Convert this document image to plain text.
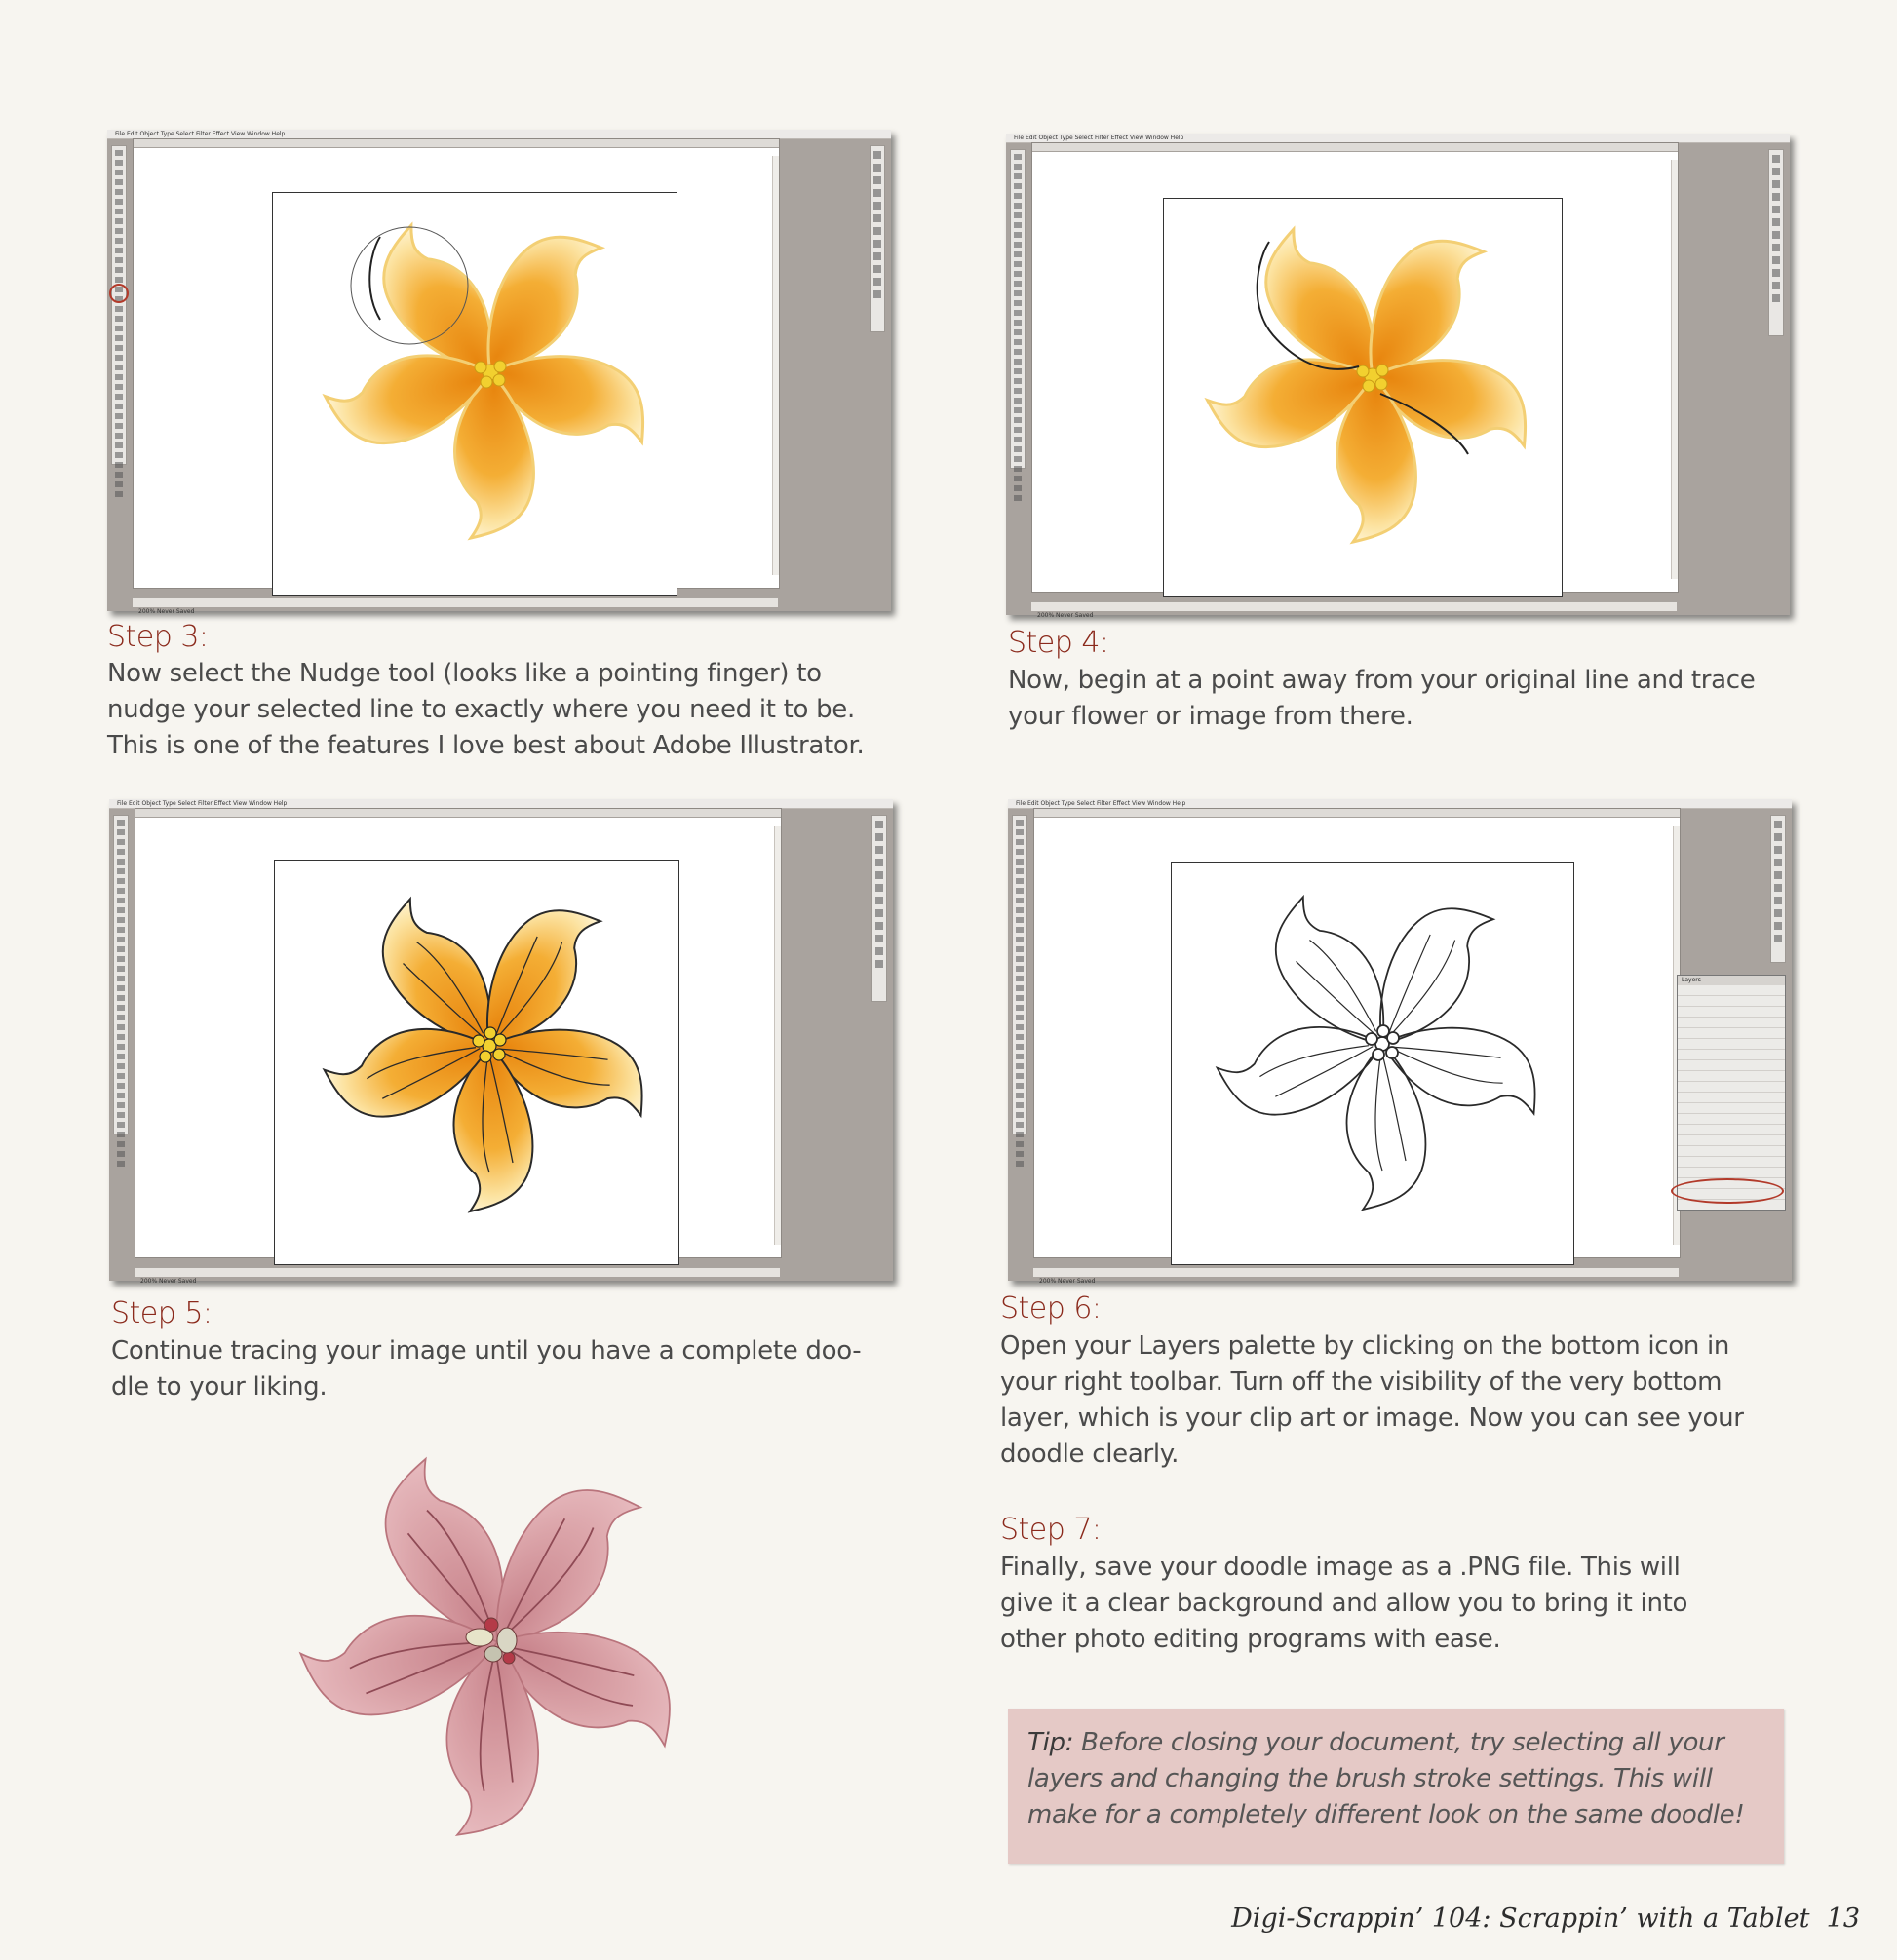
File Edit Object Type Select Filter Effect View Window Help
200% Never Saved
File Edit Object Type Select Filter Effect View Window Help
200% Never Saved
File Edit Object Type Select Filter Effect View Window Help
200% Never Saved
File Edit Object Type Select Filter Effect View Window Help
200% Never Saved
Layers
Step 3:
Now select the Nudge tool (looks like a pointing finger) to
nudge your selected line to exactly where you need it to be.
This is one of the features I love best about Adobe Illustrator.
Step 4:
Now, begin at a point away from your original line and trace
your flower or image from there.
Step 5:
Continue tracing your image until you have a complete doo-
dle to your liking.
Step 6:
Open your Layers palette by clicking on the bottom icon in
your right toolbar. Turn off the visibility of the very bottom
layer, which is your clip art or image. Now you can see your
doodle clearly.
Step 7:
Finally, save your doodle image as a .PNG file. This will
give it a clear background and allow you to bring it into
other photo editing programs with ease.

Tip: Before closing your document, try selecting all your
layers and changing the brush stroke settings. This will
make for a completely different look on the same doodle!

Digi-Scrappin’ 104: Scrappin’ with a Tablet 13
